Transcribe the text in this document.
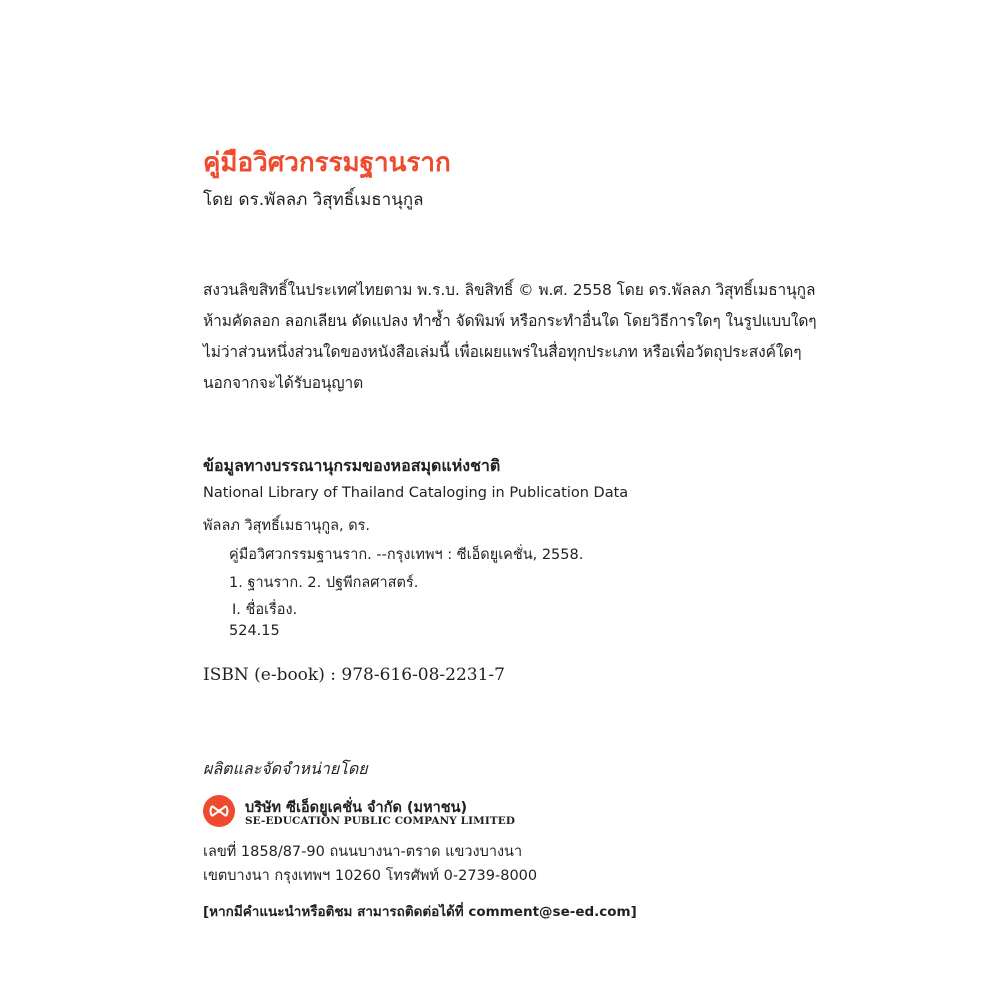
คู่มือวิศวกรรมฐานราก
โดย ดร.พัลลภ วิสุทธิ์เมธานุกูล
สงวนลิขสิทธิ์ในประเทศไทยตาม พ.ร.บ. ลิขสิทธิ์ © พ.ศ. 2558 โดย ดร.พัลลภ วิสุทธิ์เมธานุกูล
ห้ามคัดลอก ลอกเลียน ดัดแปลง ทำซ้ำ จัดพิมพ์ หรือกระทำอื่นใด โดยวิธีการใดๆ ในรูปแบบใดๆ
ไม่ว่าส่วนหนึ่งส่วนใดของหนังสือเล่มนี้ เพื่อเผยแพร่ในสื่อทุกประเภท หรือเพื่อวัตถุประสงค์ใดๆ
นอกจากจะได้รับอนุญาต
ข้อมูลทางบรรณานุกรมของหอสมุดแห่งชาติ
National Library of Thailand Cataloging in Publication Data
พัลลภ วิสุทธิ์เมธานุกูล, ดร.
คู่มือวิศวกรรมฐานราก. --กรุงเทพฯ : ซีเอ็ดยูเคชั่น, 2558.
1. ฐานราก. 2. ปฐพีกลศาสตร์.
I. ชื่อเรื่อง.
524.15
ISBN (e-book) : 978-616-08-2231-7
ผลิตและจัดจำหน่ายโดย
บริษัท ซีเอ็ดยูเคชั่น จำกัด (มหาชน)
SE-EDUCATION PUBLIC COMPANY LIMITED
เลขที่ 1858/87-90 ถนนบางนา-ตราด แขวงบางนา
เขตบางนา กรุงเทพฯ 10260 โทรศัพท์ 0-2739-8000
[หากมีคำแนะนำหรือติชม สามารถติดต่อได้ที่ comment@se-ed.com]
